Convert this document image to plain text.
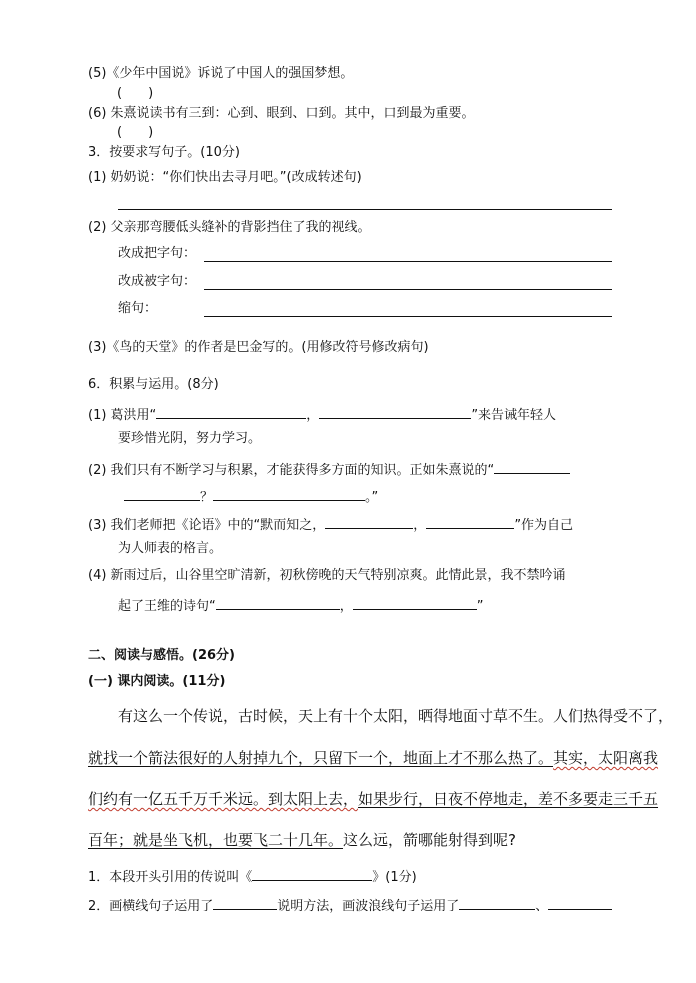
(5)《少年中国说》诉说了中国人的强国梦想。
(　　)
(6) 朱熹说读书有三到：心到、眼到、口到。其中，口到最为重要。
(　　)
3．按要求写句子。(10分)
(1) 奶奶说：“你们快出去寻月吧。”(改成转述句)
(2) 父亲那弯腰低头缝补的背影挡住了我的视线。
改成把字句：
改成被字句：
缩句：
(3)《鸟的天堂》的作者是巴金写的。(用修改符号修改病句)
6．积累与运用。(8分)
(1) 葛洪用“	，	”来告诫年轻人
要珍惜光阴，努力学习。
(2) 我们只有不断学习与积累，才能获得多方面的知识。正如朱熹说的“
？	。”
(3) 我们老师把《论语》中的“默而知之，	，	”作为自己
为人师表的格言。
(4) 新雨过后，山谷里空旷清新，初秋傍晚的天气特别凉爽。此情此景，我不禁吟诵
起了王维的诗句“	，	”
二、阅读与感悟。(26分)
(一) 课内阅读。(11分)
有这么一个传说，古时候，天上有十个太阳，晒得地面寸草不生。人们热得受不了，
就找一个箭法很好的人射掉九个，只留下一个，地面上才不那么热了。其实，太阳离我
们约有一亿五千万千米远。到太阳上去，如果步行，日夜不停地走，差不多要走三千五
百年；就是坐飞机，也要飞二十几年。这么远，箭哪能射得到呢?
1．本段开头引用的传说叫《	》(1分)
2．画横线句子运用了	说明方法，画波浪线句子运用了	、
